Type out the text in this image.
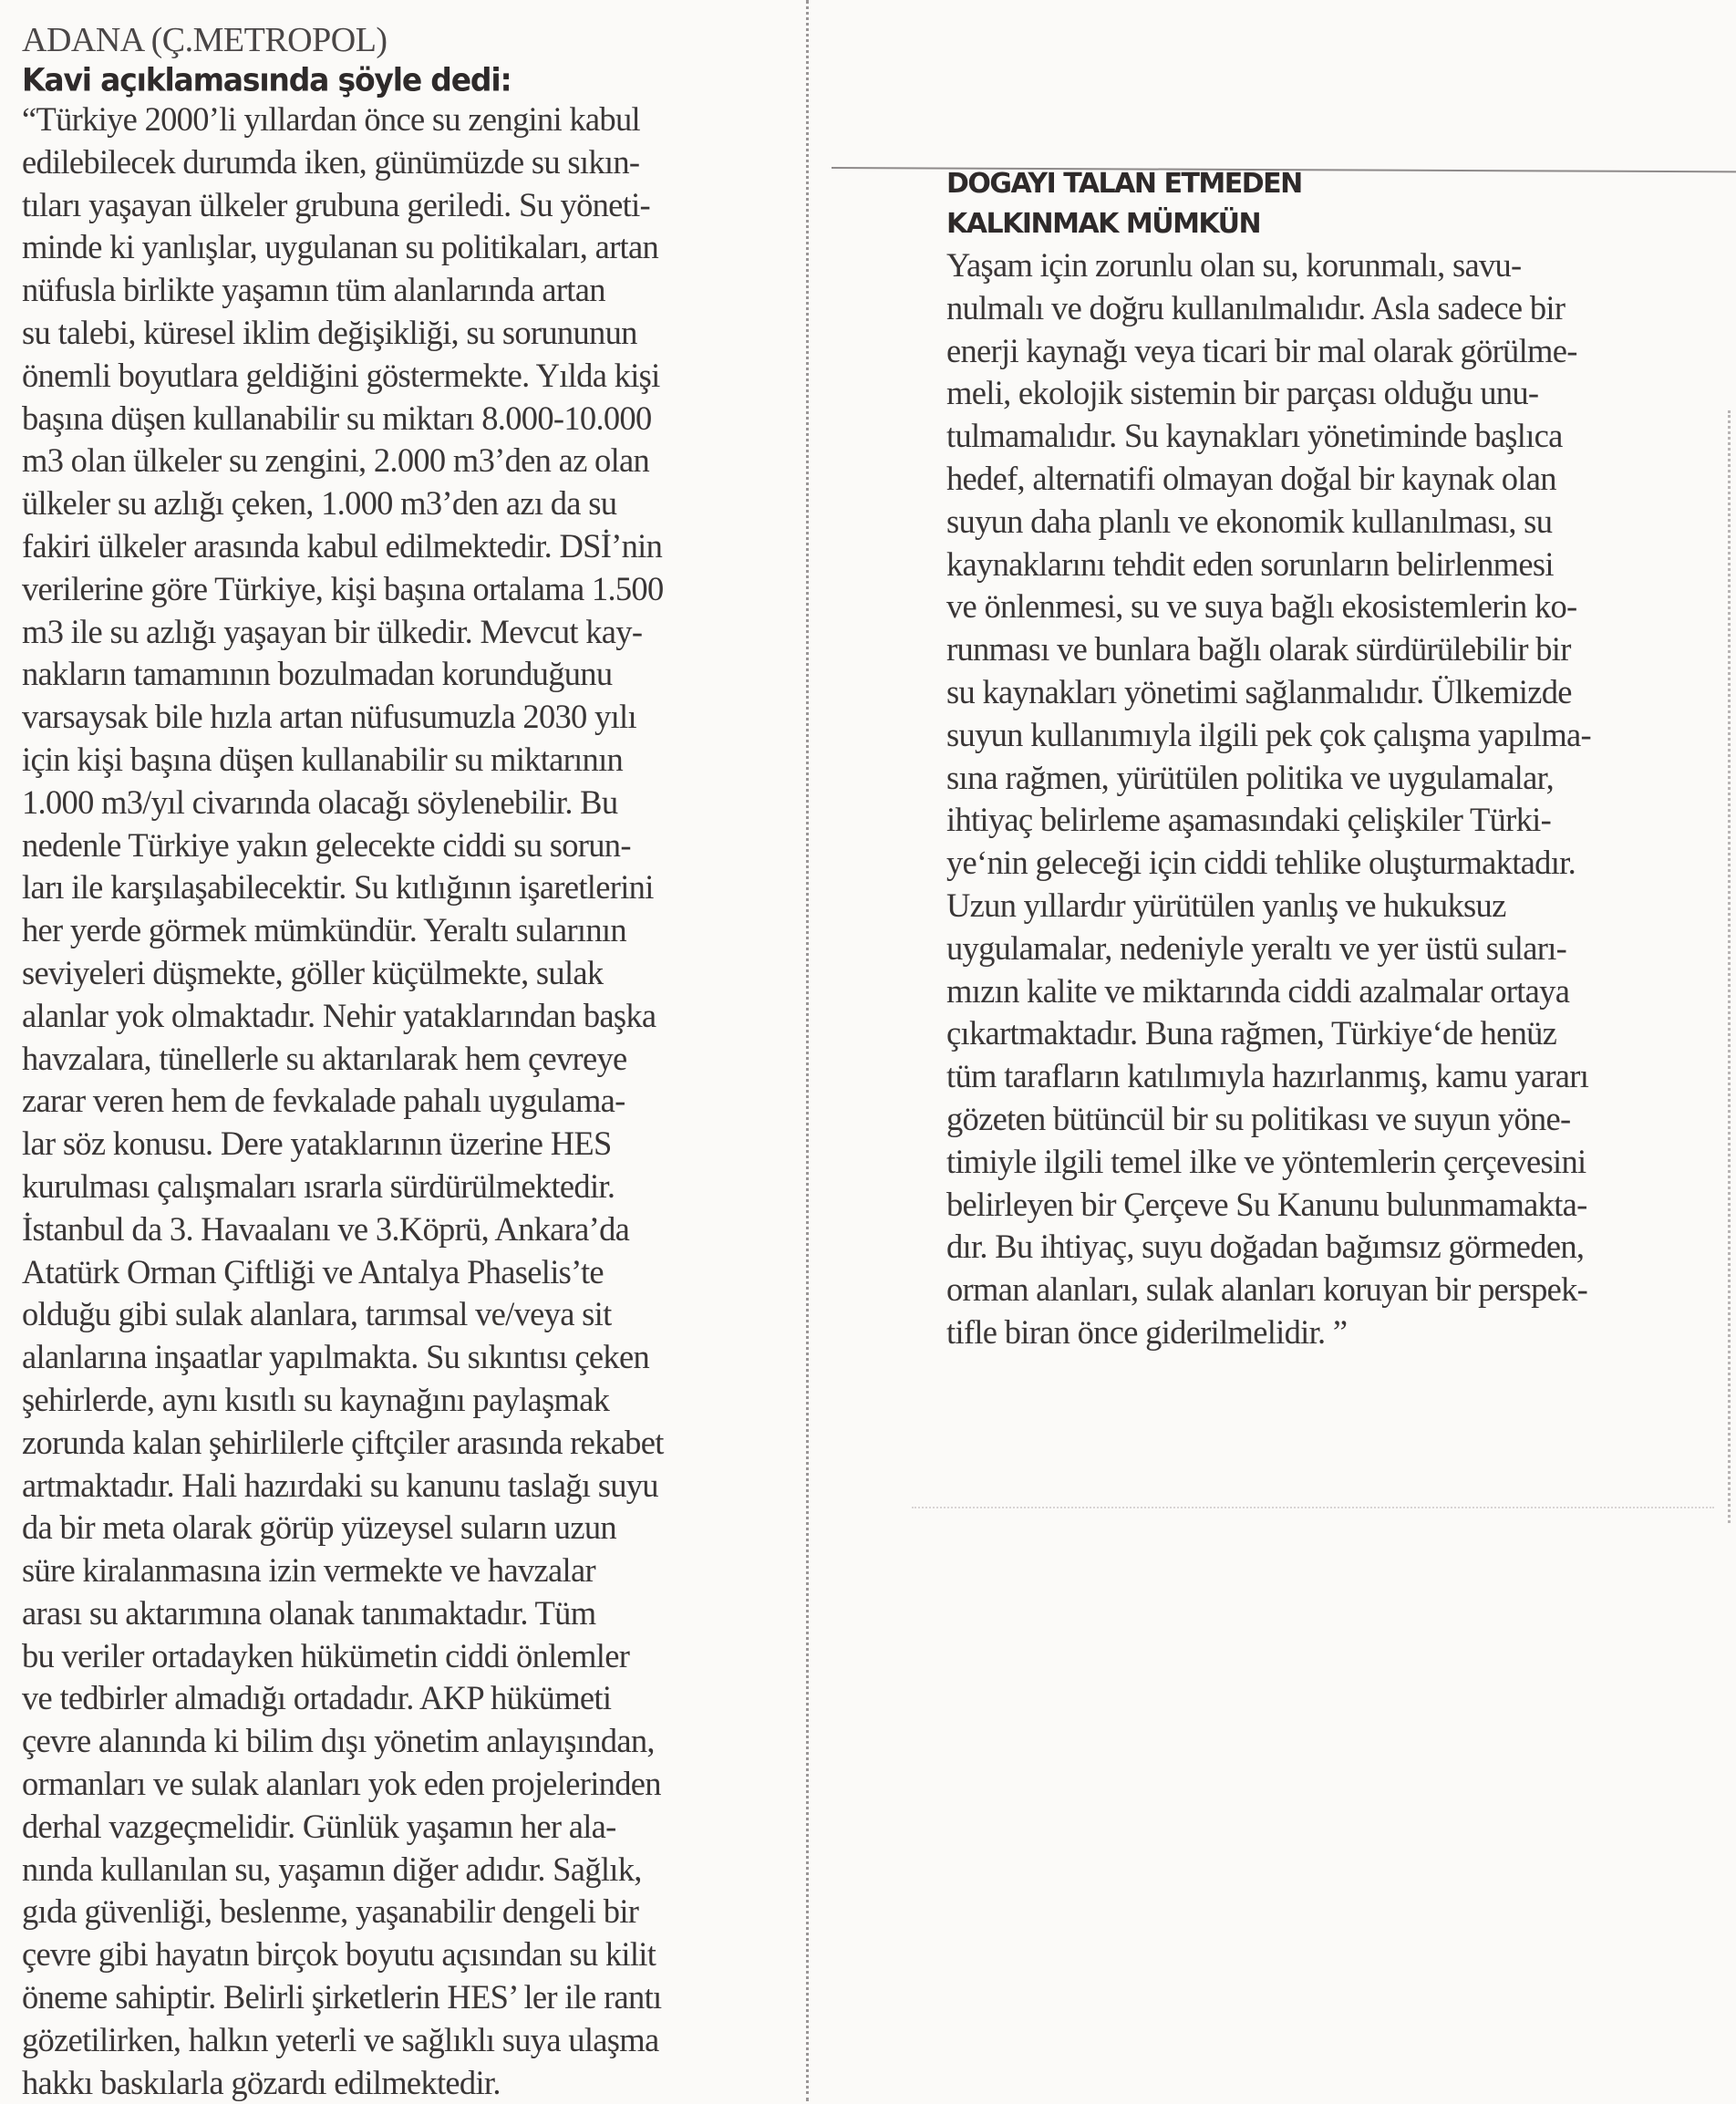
ADANA (Ç.METROPOL)
Kavi açıklamasında şöyle dedi:
“Türkiye 2000’li yıllardan önce su zengini kabul
edilebilecek durumda iken, günümüzde su sıkın-
tıları yaşayan ülkeler grubuna geriledi. Su yöneti-
minde ki yanlışlar, uygulanan su politikaları, artan
nüfusla birlikte yaşamın tüm alanlarında artan
su talebi, küresel iklim değişikliği, su sorununun
önemli boyutlara geldiğini göstermekte. Yılda kişi
başına düşen kullanabilir su miktarı 8.000-10.000
m3 olan ülkeler su zengini, 2.000 m3’den az olan
ülkeler su azlığı çeken, 1.000 m3’den azı da su
fakiri ülkeler arasında kabul edilmektedir. DSİ’nin
verilerine göre Türkiye, kişi başına ortalama 1.500
m3 ile su azlığı yaşayan bir ülkedir. Mevcut kay-
nakların tamamının bozulmadan korunduğunu
varsaysak bile hızla artan nüfusumuzla 2030 yılı
için kişi başına düşen kullanabilir su miktarının
1.000 m3/yıl civarında olacağı söylenebilir. Bu
nedenle Türkiye yakın gelecekte ciddi su sorun-
ları ile karşılaşabilecektir. Su kıtlığının işaretlerini
her yerde görmek mümkündür. Yeraltı sularının
seviyeleri düşmekte, göller küçülmekte, sulak
alanlar yok olmaktadır. Nehir yataklarından başka
havzalara, tünellerle su aktarılarak hem çevreye
zarar veren hem de fevkalade pahalı uygulama-
lar söz konusu. Dere yataklarının üzerine HES
kurulması çalışmaları ısrarla sürdürülmektedir.
İstanbul da 3. Havaalanı ve 3.Köprü, Ankara’da
Atatürk Orman Çiftliği ve Antalya Phaselis’te
olduğu gibi sulak alanlara, tarımsal ve/veya sit
alanlarına inşaatlar yapılmakta. Su sıkıntısı çeken
şehirlerde, aynı kısıtlı su kaynağını paylaşmak
zorunda kalan şehirlilerle çiftçiler arasında rekabet
artmaktadır. Hali hazırdaki su kanunu taslağı suyu
da bir meta olarak görüp yüzeysel suların uzun
süre kiralanmasına izin vermekte ve havzalar
arası su aktarımına olanak tanımaktadır. Tüm
bu veriler ortadayken hükümetin ciddi önlemler
ve tedbirler almadığı ortadadır. AKP hükümeti
çevre alanında ki bilim dışı yönetim anlayışından,
ormanları ve sulak alanları yok eden projelerinden
derhal vazgeçmelidir. Günlük yaşamın her ala-
nında kullanılan su, yaşamın diğer adıdır. Sağlık,
gıda güvenliği, beslenme, yaşanabilir dengeli bir
çevre gibi hayatın birçok boyutu açısından su kilit
öneme sahiptir. Belirli şirketlerin HES’ ler ile rantı
gözetilirken, halkın yeterli ve sağlıklı suya ulaşma
hakkı baskılarla gözardı edilmektedir.
DOGAYI TALAN ETMEDEN
KALKINMAK MÜMKÜN
Yaşam için zorunlu olan su, korunmalı, savu-
nulmalı ve doğru kullanılmalıdır. Asla sadece bir
enerji kaynağı veya ticari bir mal olarak görülme-
meli, ekolojik sistemin bir parçası olduğu unu-
tulmamalıdır. Su kaynakları yönetiminde başlıca
hedef, alternatifi olmayan doğal bir kaynak olan
suyun daha planlı ve ekonomik kullanılması, su
kaynaklarını tehdit eden sorunların belirlenmesi
ve önlenmesi, su ve suya bağlı ekosistemlerin ko-
runması ve bunlara bağlı olarak sürdürülebilir bir
su kaynakları yönetimi sağlanmalıdır. Ülkemizde
suyun kullanımıyla ilgili pek çok çalışma yapılma-
sına rağmen, yürütülen politika ve uygulamalar,
ihtiyaç belirleme aşamasındaki çelişkiler Türki-
ye‘nin geleceği için ciddi tehlike oluşturmaktadır.
Uzun yıllardır yürütülen yanlış ve hukuksuz
uygulamalar, nedeniyle yeraltı ve yer üstü suları-
mızın kalite ve miktarında ciddi azalmalar ortaya
çıkartmaktadır. Buna rağmen, Türkiye‘de henüz
tüm tarafların katılımıyla hazırlanmış, kamu yararı
gözeten bütüncül bir su politikası ve suyun yöne-
timiyle ilgili temel ilke ve yöntemlerin çerçevesini
belirleyen bir Çerçeve Su Kanunu bulunmamakta-
dır. Bu ihtiyaç, suyu doğadan bağımsız görmeden,
orman alanları, sulak alanları koruyan bir perspek-
tifle biran önce giderilmelidir. ”
